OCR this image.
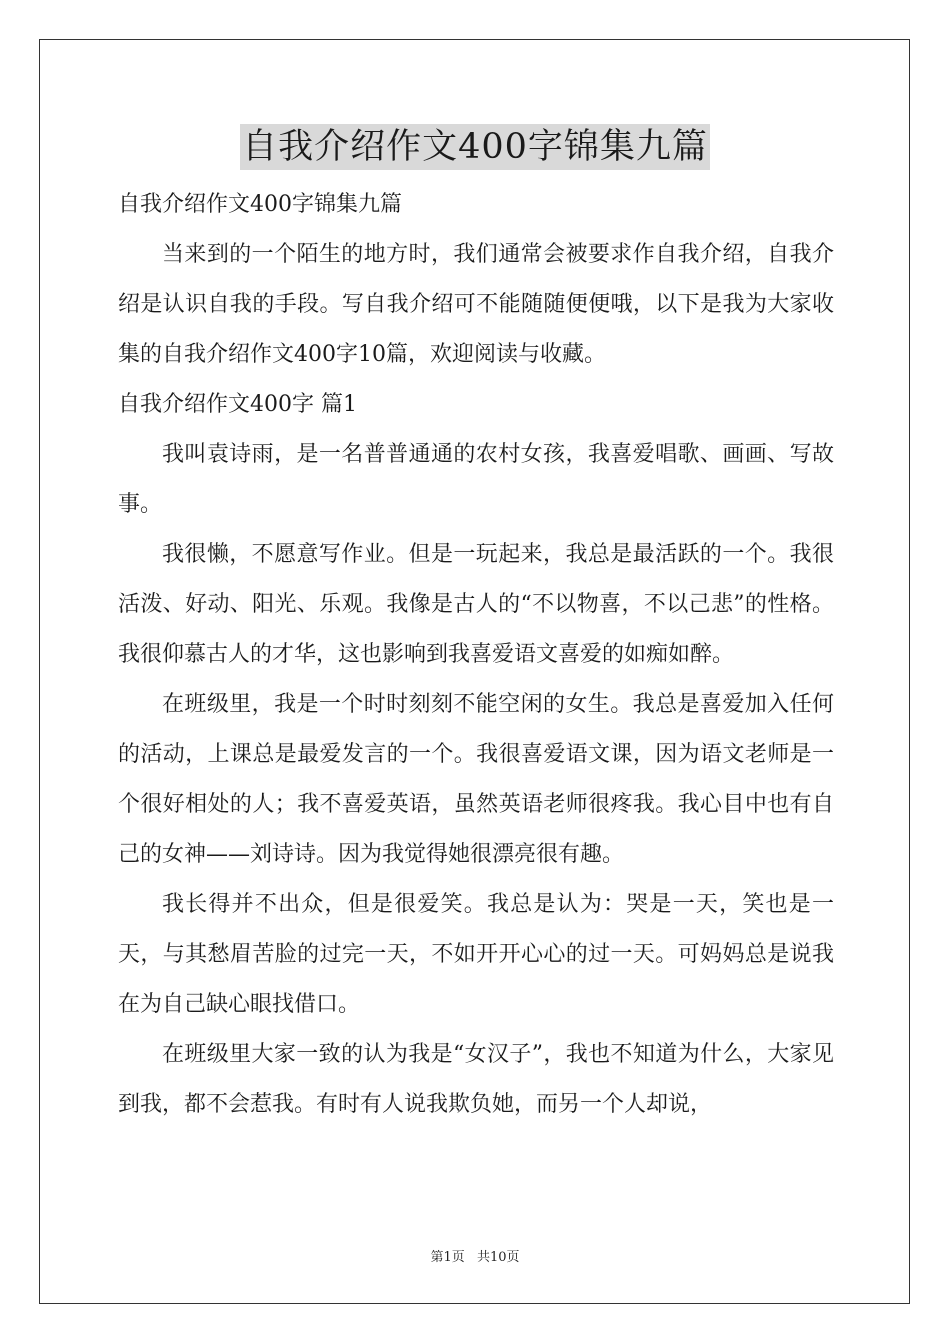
自我介绍作文400字锦集九篇
自我介绍作文400字锦集九篇
当来到的一个陌生的地方时，我们通常会被要求作自我介绍，自我介绍是认识自我的手段。写自我介绍可不能随随便便哦，以下是我为大家收集的自我介绍作文400字10篇，欢迎阅读与收藏。
自我介绍作文400字 篇1
我叫袁诗雨，是一名普普通通的农村女孩，我喜爱唱歌、画画、写故事。
我很懒，不愿意写作业。但是一玩起来，我总是最活跃的一个。我很活泼、好动、阳光、乐观。我像是古人的“不以物喜，不以己悲”的性格。我很仰慕古人的才华，这也影响到我喜爱语文喜爱的如痴如醉。
在班级里，我是一个时时刻刻不能空闲的女生。我总是喜爱加入任何的活动，上课总是最爱发言的一个。我很喜爱语文课，因为语文老师是一个很好相处的人；我不喜爱英语，虽然英语老师很疼我。我心目中也有自己的女神——刘诗诗。因为我觉得她很漂亮很有趣。
我长得并不出众，但是很爱笑。我总是认为：哭是一天，笑也是一天，与其愁眉苦脸的过完一天，不如开开心心的过一天。可妈妈总是说我在为自己缺心眼找借口。
在班级里大家一致的认为我是“女汉子”，我也不知道为什么，大家见到我，都不会惹我。有时有人说我欺负她，而另一个人却说，
第1页 共10页
